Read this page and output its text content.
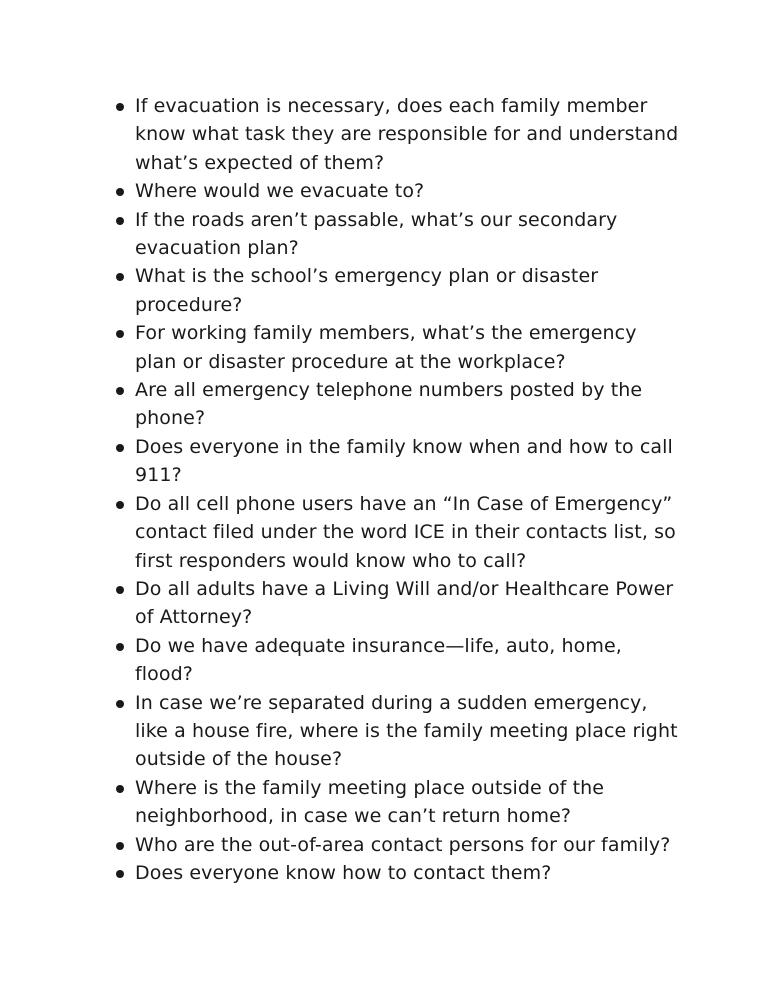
If evacuation is necessary, does each family member
know what task they are responsible for and understand
what’s expected of them?
Where would we evacuate to?
If the roads aren’t passable, what’s our secondary
evacuation plan?
What is the school’s emergency plan or disaster
procedure?
For working family members, what’s the emergency
plan or disaster procedure at the workplace?
Are all emergency telephone numbers posted by the
phone?
Does everyone in the family know when and how to call
911?
Do all cell phone users have an “In Case of Emergency”
contact filed under the word ICE in their contacts list, so
first responders would know who to call?
Do all adults have a Living Will and/or Healthcare Power
of Attorney?
Do we have adequate insurance—life, auto, home,
flood?
In case we’re separated during a sudden emergency,
like a house fire, where is the family meeting place right
outside of the house?
Where is the family meeting place outside of the
neighborhood, in case we can’t return home?
Who are the out-of-area contact persons for our family?
Does everyone know how to contact them?
